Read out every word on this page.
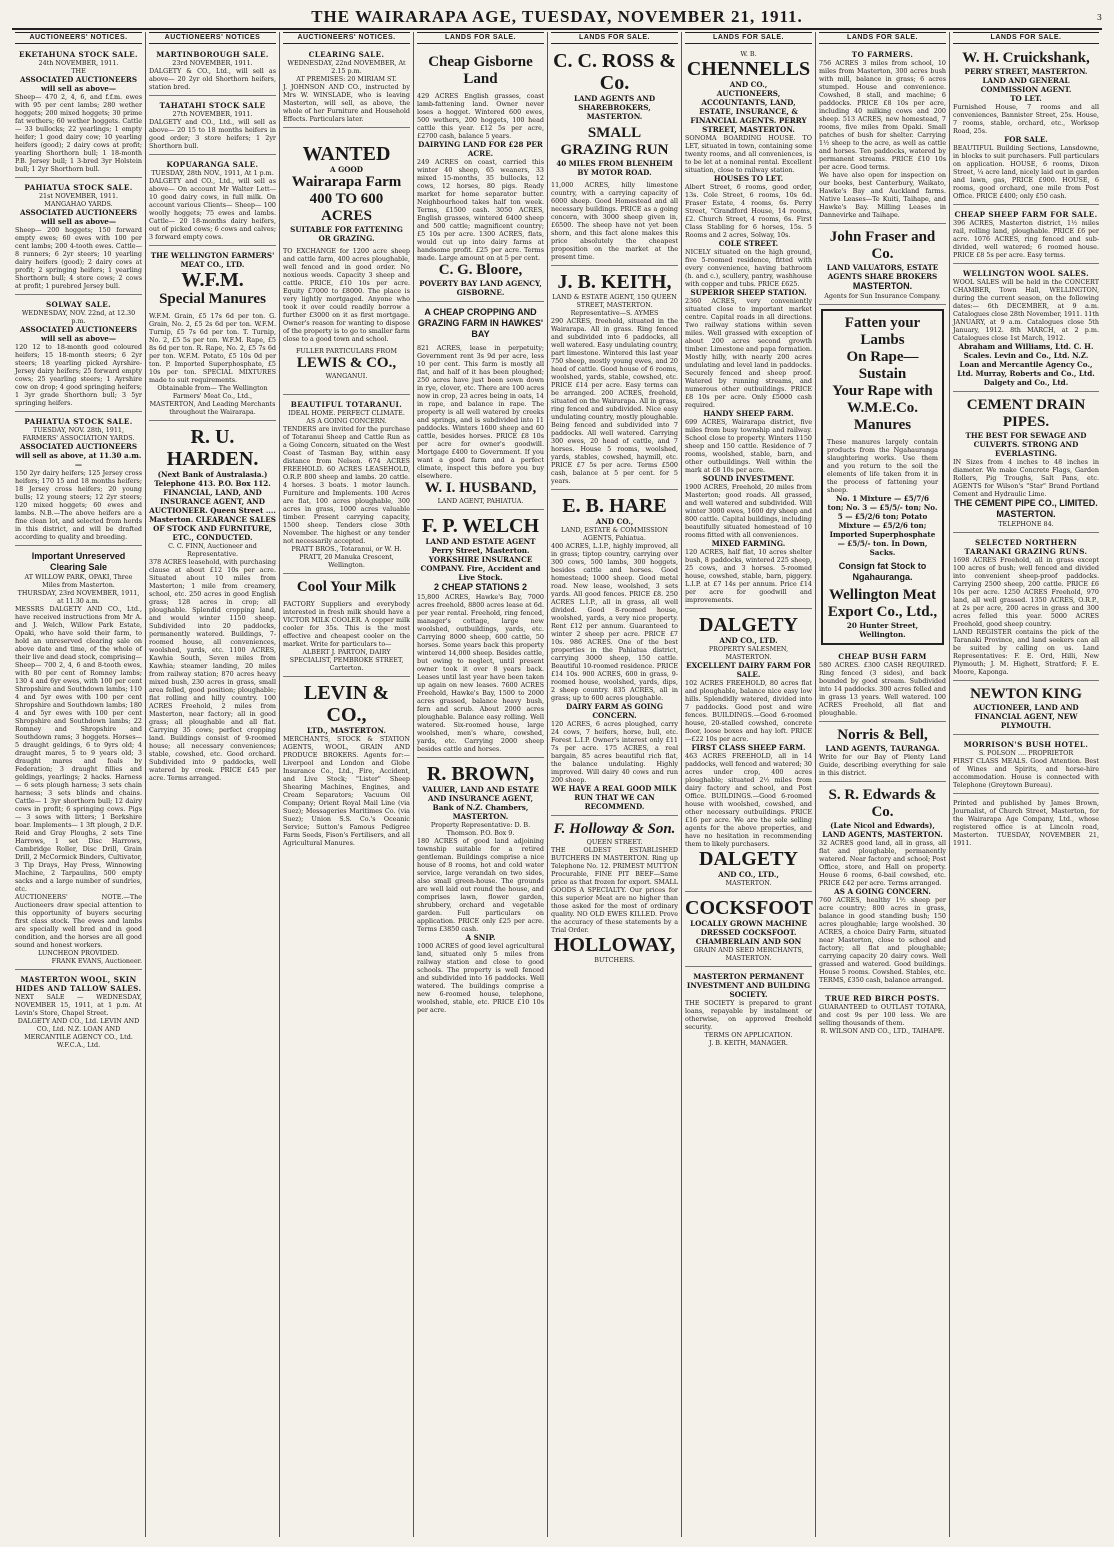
THE WAIRARAPA AGE, TUESDAY, NOVEMBER 21, 1911.	3
AUCTIONEERS' NOTICES.
EKETAHUNA STOCK SALE.
24th NOVEMBER, 1911.
THE
ASSOCIATED AUCTIONEERS will sell as above—
Sheep— 470 2, 4, 6, and f.f.m. ewes with 95 per cent lambs; 280 wether hoggets; 200 mixed hoggets; 30 prime fat wethers; 60 wether hoggets. Cattle— 33 bullocks; 22 yearlings; 1 empty heifer; 1 good dairy cow; 10 yearling heifers (good); 2 dairy cows at profit; yearling Shorthorn bull; 1 18-month P.B. Jersey bull; 1 3-bred 3yr Holstein bull; 1 2yr Shorthorn bull.
PAHIATUA STOCK SALE.
21st NOVEMBER, 1911.
MANGAHAO YARDS.
ASSOCIATED AUCTIONEERS will sell as above—
Sheep— 200 hoggets; 150 forward empty ewes; 60 ewes with 100 per cent lambs; 200 4-tooth ewes. Cattle— 8 runners; 6 2yr steers; 10 yearling dairy heifers (good); 2 dairy cows at profit; 2 springing heifers; 1 yearling Shorthorn bull; 4 store cows; 2 cows at profit; 1 purebred Jersey bull.
SOLWAY SALE.
WEDNESDAY, NOV. 22nd, at 12.30 p.m.
ASSOCIATED AUCTIONEERS will sell as above—
120 12 to 18-month good coloured heifers; 15 18-month steers; 6 2yr steers; 18 yearling picked Ayrshire-Jersey dairy heifers; 25 forward empty cows; 25 yearling steers; 1 Ayrshire cow on drop; 4 good springing heifers; 1 3yr grade Shorthorn bull; 3 5yr springing heifers.
PAHIATUA STOCK SALE.
TUESDAY, NOV. 28th, 1911,
FARMERS' ASSOCIATION YARDS.
ASSOCIATED AUCTIONEERS will sell as above, at 11.30 a.m.—
150 2yr dairy heifers; 125 Jersey cross heifers; 170 15 and 18 months heifers; 18 Jersey cross heifers; 20 young bulls; 12 young steers; 12 2yr steers; 120 mixed hoggets; 60 ewes and lambs. N.B.—The above heifers are a fine clean lot, and selected from herds in this district, and will be drafted according to quality and breeding.
Important Unreserved Clearing Sale
AT WILLOW PARK, OPAKI, Three Miles from Masterton.
THURSDAY, 23rd NOVEMBER, 1911, at 11.30 a.m.
MESSRS DALGETY AND CO., Ltd., have received instructions from Mr A. and J. Welch, Willow Park Estate, Opaki, who have sold their farm, to hold an unreserved clearing sale on above date and time, of the whole of their live and dead stock, comprising— Sheep— 700 2, 4, 6 and 8-tooth ewes, with 80 per cent of Romney lambs; 130 4 and 6yr ewes, with 100 per cent Shropshire and Southdown lambs; 110 4 and 5yr ewes with 100 per cent Shropshire and Southdown lambs; 180 4 and 5yr ewes with 100 per cent Shropshire and Southdown lambs; 22 Romney and Shropshire and Southdown rams; 3 hoggets. Horses— 5 draught geldings, 6 to 9yrs old; 4 draught mares, 5 to 9 years old; 3 draught mares and foals by Federation; 3 draught fillies and geldings, yearlings; 2 hacks. Harness— 6 sets plough harness; 3 sets chain harness; 3 sets blinds and chains. Cattle— 1 3yr shorthorn bull; 12 dairy cows in profit; 6 springing cows. Pigs— 3 sows with litters; 1 Berkshire boar. Implements— 1 3ft plough, 2 D.F. Reid and Gray Ploughs, 2 sets Tine Harrows, 1 set Disc Harrows, Cambridge Roller, Disc Drill, Grain Drill, 2 McCormick Binders, Cultivator, 3 Tip Drays, Hay Press, Winnowing Machine, 2 Tarpaulins, 500 empty sacks and a large number of sundries, etc.
AUCTIONEERS' NOTE.—The Auctioneers draw special attention to this opportunity of buyers securing first class stock. The ewes and lambs are specially well bred and in good condition, and the horses are all good sound and honest workers.
LUNCHEON PROVIDED.
FRANK EVANS, Auctioneer.
MASTERTON WOOL, SKIN HIDES AND TALLOW SALES.
NEXT SALE — WEDNESDAY, NOVEMBER 15, 1911, at 1 p.m. At Levin's Store, Chapel Street.
DALGETY AND CO., Ltd. LEVIN AND CO., Ltd. N.Z. LOAN AND MERCANTILE AGENCY CO., Ltd. W.F.C.A., Ltd.
AUCTIONEERS' NOTICES
MARTINBOROUGH SALE.
23rd NOVEMBER, 1911.
DALGETY & CO., Ltd., will sell as above— 20 2yr old Shorthorn heifers, station bred.
TAHATAHI STOCK SALE
27th NOVEMBER, 1911.
DALGETY and CO., Ltd., will sell as above— 20 15 to 18 months heifers in good order; 3 store heifers; 1 2yr Shorthorn bull.
KOPUARANGA SALE.
TUESDAY, 28th NOV., 1911, At 1 p.m.
DALGETY and CO., Ltd., will sell as above— On account Mr Walter Lett— 10 good dairy cows, in full milk. On account various Clients— Sheep— 100 woolly hoggets; 75 ewes and lambs. Cattle— 20 18-months dairy heifers, out of picked cows; 6 cows and calves; 3 forward empty cows.
THE WELLINGTON FARMERS' MEAT CO., LTD.
W.F.M.
Special Manures
W.F.M. Grain, £5 17s 6d per ton. G. Grain, No. 2, £5 2s 6d per ton. W.F.M. Turnip, £5 7s 6d per ton. T. Turnip, No. 2, £5 5s per ton. W.F.M. Rape, £5 8s 6d per ton. R. Rape, No. 2, £5 7s 6d per ton. W.F.M. Potato, £5 10s 0d per ton. P. Imported Superphosphate, £5 10s per ton. SPECIAL MIXTURES made to suit requirements.
Obtainable from— The Wellington Farmers' Meat Co., Ltd., MASTERTON, And Leading Merchants throughout the Wairarapa.
R. U. HARDEN.
(Next Bank of Australasia.) Telephone 413. P.O. Box 112. FINANCIAL, LAND, AND INSURANCE AGENT, AND AUCTIONEER. Queen Street .... Masterton. CLEARANCE SALES OF STOCK AND FURNITURE, ETC., CONDUCTED.
C. C. FINN, Auctioneer and Representative.
378 ACRES leasehold, with purchasing clause at about £12 10s per acre. Situated about 10 miles from Masterton; 1 mile from creamery, school, etc. 250 acres in good English grass; 128 acres in crop; all ploughable. Splendid cropping land, and would winter 1150 sheep. Subdivided into 20 paddocks, permanently watered. Buildings, 7-roomed house, all conveniences, woolshed, yards, etc. 1100 ACRES, Kawhia South, Seven miles from Kawhia; steamer landing, 20 miles from railway station; 870 acres heavy mixed bush, 230 acres in grass, small area felled, good position; ploughable; flat rolling and hilly country. 100 ACRES Freehold, 2 miles from Masterton, near factory; all in good grass; all ploughable and all flat. Carrying 35 cows; perfect cropping land. Buildings consist of 9-roomed house; all necessary conveniences; stable, cowshed, etc. Good orchard. Subdivided into 9 paddocks, well watered by creek. PRICE £45 per acre. Terms arranged.
AUCTIONEERS' NOTICES.
CLEARING SALE.
WEDNESDAY, 22nd NOVEMBER, At 2.15 p.m.
AT PREMISES: 20 MIRIAM ST.
J. JOHNSON AND CO., instructed by Mrs W. WINSLADE, who is leaving Masterton, will sell, as above, the whole of her Furniture and Household Effects. Particulars later.
WANTED
A GOOD
Wairarapa Farm
400 TO 600 ACRES
SUITABLE FOR FATTENING OR GRAZING.
TO EXCHANGE for 1200 acre sheep and cattle farm, 400 acres ploughable, well fenced and in good order. No noxious weeds. Capacity 3 sheep and cattle. PRICE, £10 10s per acre. Equity £7000 to £8000. The place is very lightly mortgaged. Anyone who took it over could readily borrow a further £3000 on it as first mortgage. Owner's reason for wanting to dispose of the property is to go to smaller farm close to a good town and school.
FULLER PARTICULARS FROM
LEWIS & CO.,
WANGANUI.
BEAUTIFUL TOTARANUI.
IDEAL HOME. PERFECT CLIMATE.
AS A GOING CONCERN.
TENDERS are invited for the purchase of Totaranui Sheep and Cattle Run as a Going Concern, situated on the West Coast of Tasman Bay, within easy distance from Nelson. 674 ACRES FREEHOLD. 60 ACRES LEASEHOLD, O.R.P. 800 sheep and lambs. 20 cattle. 4 horses. 3 boats. 1 motor launch. Furniture and Implements. 100 Acres are flat, 100 acres ploughable, 300 acres in grass, 1000 acres valuable timber. Present carrying capacity, 1500 sheep. Tenders close 30th November. The highest or any tender not necessarily accepted.
PRATT BROS., Totaranui, or W. H. PRATT, 20 Manuka Crescent, Wellington.
Cool Your Milk
FACTORY Suppliers and everybody interested in fresh milk should have a VICTOR MILK COOLER. A copper milk cooler for 35s. This is the most effective and cheapest cooler on the market. Write for particulars to—
ALBERT J. PARTON, DAIRY SPECIALIST, PEMBROKE STREET, Carterton.
LEVIN & CO.,
LTD., MASTERTON.
MERCHANTS, STOCK & STATION AGENTS, WOOL, GRAIN AND PRODUCE BROKERS. Agents for:—Liverpool and London and Globe Insurance Co., Ltd., Fire, Accident, and Live Stock; "Lister" Sheep Shearing Machines, Engines, and Cream Separators; Vacuum Oil Company; Orient Royal Mail Line (via Suez); Messageries Maritimes Co. (via Suez); Union S.S. Co.'s Oceanic Service; Sutton's Famous Pedigree Farm Seeds, Fison's Fertilisers, and all Agricultural Manures.
LANDS FOR SALE.
Cheap Gisborne Land
429 ACRES English grasses, coast lamb-fattening land. Owner never loses a hogget. Wintered 600 ewes, 500 wethers, 200 hoggets, 100 head cattle this year. £12 5s per acre, £2700 cash, balance 5 years.
DAIRYING LAND FOR £28 PER ACRE.
249 ACRES on coast, carried this winter 40 sheep, 65 weaners, 33 mixed 15-months, 35 bullocks, 12 cows, 12 horses, 80 pigs. Ready market for home separator butter. Neighbourhood takes half ton week. Terms, £1500 cash. 3050 ACRES, English grasses, wintered 6400 sheep and 500 cattle; magnificent country; £5 10s per acre. 1300 ACRES, flats, would cut up into dairy farms at handsome profit. £25 per acre. Terms made. Large amount on at 5 per cent.
C. G. Bloore,
POVERTY BAY LAND AGENCY, GISBORNE.
A CHEAP CROPPING AND GRAZING FARM IN HAWKES' BAY
821 ACRES, lease in perpetuity; Government rent 3s 9d per acre, less 10 per cent. This farm is mostly all flat, and half of it has been ploughed; 250 acres have just been sown down in rye, clover, etc. There are 100 acres now in crop, 23 acres being in oats, 14 in rape, and balance in rape. The property is all well watered by creeks and springs, and is subdivided into 11 paddocks. Winters 1600 sheep and 60 cattle, besides horses. PRICE £8 10s per acre for owner's goodwill. Mortgage £400 to Government. If you want a good farm and a perfect climate, inspect this before you buy elsewhere.
W. I. HUSBAND,
LAND AGENT, PAHIATUA.
F. P. WELCH
LAND AND ESTATE AGENT Perry Street, Masterton. YORKSHIRE INSURANCE COMPANY. Fire, Accident and Live Stock.
2 CHEAP STATIONS 2
15,800 ACRES, Hawke's Bay, 7000 acres freehold, 8800 acres lease at 6d. per year rental. Freehold, ring fenced, manager's cottage, large new woolshed, outbuildings, yards, etc. Carrying 8000 sheep, 600 cattle, 50 horses. Some years back this property wintered 14,000 sheep. Besides cattle, but owing to neglect, until present owner took it over 8 years back. Leases until last year have been taken up again on new leases. 7600 ACRES Freehold, Hawke's Bay, 1500 to 2000 acres grassed, balance heavy bush, fern and scrub. About 2000 acres ploughable. Balance easy rolling. Well watered. Six-roomed house, large woolshed, men's whare, cowshed, yards, etc. Carrying 2000 sheep besides cattle and horses.
R. BROWN,
VALUER, LAND AND ESTATE AND INSURANCE AGENT, Bank of N.Z. Chambers, MASTERTON.
Property Representative: D. B. Thomson. P.O. Box 9.
180 ACRES of good land adjoining township suitable for a retired gentleman. Buildings comprise a nice house of 8 rooms, hot and cold water service, large verandah on two sides, also small green-house. The grounds are well laid out round the house, and comprises lawn, flower garden, shrubbery, orchard and vegetable garden. Full particulars on application. PRICE only £25 per acre. Terms £3850 cash.
A SNIP.
1000 ACRES of good level agricultural land, situated only 5 miles from railway station and close to good schools. The property is well fenced and subdivided into 16 paddocks. Well watered. The buildings comprise a new 6-roomed house, telephone, woolshed, stable, etc. PRICE £10 10s per acre.
LANDS FOR SALE.
C. C. ROSS & Co.
LAND AGENTS AND SHAREBROKERS, MASTERTON.
SMALL GRAZING RUN
40 MILES FROM BLENHEIM BY MOTOR ROAD.
11,000 ACRES, hilly limestone country, with a carrying capacity of 6000 sheep. Good Homestead and all necessary buildings. PRICE as a going concern, with 3000 sheep given in, £6500. The sheep have not yet been shorn, and this fact alone makes this price absolutely the cheapest proposition on the market at the present time.
J. B. KEITH,
LAND & ESTATE AGENT, 150 QUEEN STREET, MASTERTON. Representative—S. AYMES
290 ACRES, freehold, situated in the Wairarapa. All in grass. Ring fenced and subdivided into 6 paddocks, all well watered. Easy undulating country, part limestone. Wintered this last year 750 sheep, mostly young ewes, and 20 head of cattle. Good house of 6 rooms, woolshed, yards, stable, cowshed, etc. PRICE £14 per acre. Easy terms can be arranged. 200 ACRES, freehold, situated on the Wairarapa. All in grass, ring fenced and subdivided. Nice easy undulating country, mostly ploughable. Being fenced and subdivided into 7 paddocks. All well watered. Carrying 300 ewes, 20 head of cattle, and 7 horses. House 5 rooms, woolshed, yards, stables, cowshed, haymill, etc. PRICE £7 5s per acre. Terms £500 cash, balance at 5 per cent. for 5 years.
E. B. HARE
AND CO.,
LAND, ESTATE & COMMISSION AGENTS, Pahiatua.
400 ACRES, L.I.P., highly improved, all in grass; tiptop country, carrying over 300 cows, 500 lambs, 300 hoggets, besides cattle and horses. Good homestead; 1000 sheep. Good metal road. New lease, woolshed, 3 sets yards. All good fences. PRICE £8. 250 ACRES L.I.P., all in grass, all well divided. Good 8-roomed house, woolshed, yards, a very nice property. Rent £12 per annum. Guaranteed to winter 2 sheep per acre. PRICE £7 10s. 986 ACRES. One of the best properties in the Pahiatua district, carrying 3000 sheep, 150 cattle. Beautiful 10-roomed residence. PRICE £14 10s. 900 ACRES, 600 in grass, 9-roomed house, woolshed, yards, dips, 2 sheep country. 835 ACRES, all in grass; up to 600 acres ploughable.
DAIRY FARM AS GOING CONCERN.
120 ACRES, 6 acres ploughed, carry 24 cows, 7 heifers, horse, bull, etc. Forest L.I.P. Owner's interest only £11 7s per acre. 175 ACRES, a real bargain, 85 acres beautiful rich flat, the balance undulating. Highly improved. Will dairy 40 cows and run 200 sheep.
WE HAVE A REAL GOOD MILK RUN THAT WE CAN RECOMMEND.
F. Holloway & Son.
QUEEN STREET.
THE OLDEST ESTABLISHED BUTCHERS IN MASTERTON. Ring up Telephone No. 12. PRIMEST MUTTON Procurable, FINE PIT BEEF—Same price as that frozen for export. SMALL GOODS A SPECIALTY. Our prices for this superior Meat are no higher than those asked for the most of ordinary quality. NO OLD EWES KILLED. Prove the accuracy of these statements by a Trial Order.
HOLLOWAY,
BUTCHERS.
LANDS FOR SALE.
W. B.
CHENNELLS
AND CO.,
AUCTIONEERS, ACCOUNTANTS, LAND, ESTATE, INSURANCE, & FINANCIAL AGENTS. PERRY STREET, MASTERTON.
SONOMA BOARDING HOUSE. TO LET, situated in town, containing some twenty rooms, and all conveniences, is to be let at a nominal rental. Excellent situation, close to railway station.
HOUSES TO LET.
Albert Street, 6 rooms, good order, 13s. Cole Street, 6 rooms, 10s 6d. Fraser Estate, 4 rooms, 6s. Perry Street, "Grandford House, 14 rooms, £2. Church Street, 4 rooms, 6s. First Class Stabling for 6 horses, 15s. 5 Rooms and 2 acres, Solway, 10s.
COLE STREET.
NICELY situated on the high ground, five 5-roomed residence, fitted with every convenience, having bathroom (h. and c.), scullery, pantry, washhouse with copper and tubs. PRICE £625.
SUPERIOR SHEEP STATION.
2360 ACRES, very conveniently situated close to important market centre. Capital roads in all directions. Two railway stations within seven miles. Well grassed with exception of about 200 acres second growth timber. Limestone and papa formation. Mostly hilly, with nearly 200 acres undulating and level land in paddocks. Securely fenced and sheep proof. Watered by running streams, and numerous other outbuildings. PRICE £8 10s per acre. Only £5000 cash required.
HANDY SHEEP FARM.
699 ACRES, Wairarapa district, five miles from busy township and railway. School close to property. Winters 1150 sheep and 150 cattle. Residence of 7 rooms, woolshed, stable, barn, and other outbuildings. Well within the mark at £8 10s per acre.
SOUND INVESTMENT.
1900 ACRES, Freehold, 20 miles from Masterton; good roads. All grassed, and well watered and subdivided. Will winter 3000 ewes, 1600 dry sheep and 800 cattle. Capital buildings, including beautifully situated homestead of 10 rooms fitted with all conveniences.
MIXED FARMING.
120 ACRES, half flat, 10 acres shelter bush, 8 paddocks, wintered 225 sheep, 25 cows, and 3 horses. 5-roomed house, cowshed, stable, barn, piggery. L.I.P. at £7 14s per annum. Price £14 per acre for goodwill and improvements.
DALGETY
AND CO., LTD.
PROPERTY SALESMEN, MASTERTON.
EXCELLENT DAIRY FARM FOR SALE.
102 ACRES FREEHOLD, 80 acres flat and ploughable, balance nice easy low hills. Splendidly watered, divided into 7 paddocks. Good post and wire fences. BUILDINGS.—Good 6-roomed house, 20-stalled cowshed, concrete floor, loose boxes and hay loft. PRICE—£22 10s per acre.
FIRST CLASS SHEEP FARM.
463 ACRES FREEHOLD, all in 14 paddocks, well fenced and watered; 30 acres under crop, 400 acres ploughable; situated 2½ miles from dairy factory and school, and Post Office. BUILDINGS.—Good 6-roomed house with woolshed, cowshed, and other necessary outbuildings. PRICE £16 per acre. We are the sole selling agents for the above properties, and have no hesitation in recommending them to likely purchasers.
DALGETY
AND CO., LTD.,
MASTERTON.
COCKSFOOT
LOCALLY GROWN MACHINE DRESSED COCKSFOOT.
CHAMBERLAIN AND SON
GRAIN AND SEED MERCHANTS, MASTERTON.
MASTERTON PERMANENT INVESTMENT AND BUILDING SOCIETY.
THE SOCIETY is prepared to grant loans, repayable by instalment or otherwise, on approved freehold security.
TERMS ON APPLICATION.
J. B. KEITH, MANAGER.
LANDS FOR SALE.
TO FARMERS.
756 ACRES 3 miles from school, 10 miles from Masterton, 300 acres bush with mill, balance in grass; 6 acres stumped. House and convenience. Cowshed, 8 stall, and machine; 6 paddocks. PRICE £8 10s per acre, including 40 milking cows and 200 sheep. 513 ACRES, new homestead, 7 rooms, five miles from Opaki. Small patches of bush for shelter. Carrying 1½ sheep to the acre, as well as cattle and horses. Ten paddocks, watered by permanent streams. PRICE £10 10s per acre. Good terms.
We have also open for inspection on our books, best Canterbury, Waikato, Hawke's Bay and Auckland farms. Native Leases—Te Kuiti, Taihape, and Hawke's Bay. Milling Leases in Dannevirke and Taihape.
John Fraser and Co.
LAND VALUATORS, ESTATE AGENTS SHARE BROKERS
MASTERTON.
Agents for Sun Insurance Company.
Fatten your Lambs
On Rape—Sustain
Your Rape with
W.M.E.Co. Manures
These manures largely contain products from the Ngahauranga slaughtering works. Use them and you return to the soil the elements of life taken from it in the process of fattening your sheep.
No. 1 Mixture — £5/7/6 ton; No. 3 — £5/5/- ton; No. 5 — £5/2/6 ton; Potato Mixture — £5/2/6 ton; Imported Superphosphate — £5/5/- ton. In Down, Sacks.
Consign fat Stock to Ngahauranga.
Wellington Meat Export Co., Ltd.,
20 Hunter Street, Wellington.
CHEAP BUSH FARM
580 ACRES. £300 CASH REQUIRED. Ring fenced (3 sides), and back bounded by good stream. Subdivided into 14 paddocks. 300 acres felled and in grass 13 years. Well watered. 100 ACRES Freehold, all flat and ploughable.
Norris & Bell,
LAND AGENTS, TAURANGA.
Write for our Bay of Plenty Land Guide, describing everything for sale in this district.
S. R. Edwards & Co.
(Late Nicol and Edwards), LAND AGENTS, MASTERTON.
32 ACRES good land, all in grass, all flat and ploughable, permanently watered. Near factory and school; Post Office, store, and Hall on property. House 6 rooms, 6-bail cowshed, etc. PRICE £42 per acre. Terms arranged.
AS A GOING CONCERN.
760 ACRES, healthy 1½ sheep per acre country; 800 acres in grass, balance in good standing bush; 150 acres ploughable; large woolshed. 30 ACRES, a choice Dairy Farm, situated near Masterton, close to school and factory; all flat and ploughable; carrying capacity 20 dairy cows. Well grassed and watered. Good buildings. House 5 rooms. Cowshed. Stables, etc. TERMS, £350 cash, balance arranged.
TRUE RED BIRCH POSTS.
GUARANTEED to OUTLAST TOTARA, and cost 9s per 100 less. We are selling thousands of them.
R. WILSON AND CO., LTD., TAIHAPE.
LANDS FOR SALE.
W. H. Cruickshank,
PERRY STREET, MASTERTON. LAND AND GENERAL COMMISSION AGENT.
TO LET.
Furnished House, 7 rooms and all conveniences, Bannister Street, 25s. House, 7 rooms, stable, orchard, etc., Worksop Road, 25s.
FOR SALE.
BEAUTIFUL Building Sections, Lansdowne, in blocks to suit purchasers. Full particulars on application. HOUSE, 6 rooms, Dixon Street, ¼ acre land, nicely laid out in garden and lawn, gas, PRICE £900. HOUSE, 6 rooms, good orchard, one mile from Post Office. PRICE £400; only £50 cash.
CHEAP SHEEP FARM FOR SALE.
396 ACRES, Masterton district, 1½ miles rail, rolling land, ploughable. PRICE £6 per acre. 1076 ACRES, ring fenced and sub-divided, well watered; 6 roomed house. PRICE £8 5s per acre. Easy terms.
WELLINGTON WOOL SALES.
WOOL SALES will be held in the CONCERT CHAMBER, Town Hall, WELLINGTON, during the current season, on the following dates:— 6th DECEMBER, at 9 a.m. Catalogues close 28th November, 1911. 11th JANUARY, at 9 a.m. Catalogues close 5th January, 1912. 8th MARCH, at 2 p.m. Catalogues close 1st March, 1912.
Abraham and Williams, Ltd. C. H. Scales. Levin and Co., Ltd. N.Z. Loan and Mercantile Agency Co., Ltd. Murray, Roberts and Co., Ltd. Dalgety and Co., Ltd.
CEMENT DRAIN PIPES.
THE BEST FOR SEWAGE AND CULVERTS. STRONG AND EVERLASTING.
IN Sizes from 4 inches to 48 inches in diameter. We make Concrete Flags, Garden Rollers, Pig Troughs, Salt Pans, etc. AGENTS for Wilson's "Star" Brand Portland Cement and Hydraulic Lime.
THE CEMENT PIPE CO., LIMITED. MASTERTON.
TELEPHONE 84.
SELECTED NORTHERN TARANAKI GRAZING RUNS.
1698 ACRES Freehold, all in grass except 100 acres of bush; well fenced and divided into convenient sheep-proof paddocks. Carrying 2500 sheep, 200 cattle. PRICE £6 10s per acre. 1250 ACRES Freehold, 970 land, all well grassed. 1350 ACRES, O.R.P., at 2s per acre, 200 acres in grass and 300 acres felled this year. 5000 ACRES Freehold, good sheep country.
LAND REGISTER contains the pick of the Taranaki Province, and land seekers can all be suited by calling on us. Land Representatives: F. E. Ord, Hilli, New Plymouth; J. M. Highett, Stratford; F. E. Moore, Kaponga.
NEWTON KING
AUCTIONEER, LAND AND FINANCIAL AGENT, NEW PLYMOUTH.
MORRISON'S BUSH HOTEL.
S. POLSON .... PROPRIETOR
FIRST CLASS MEALS. Good Attention. Best of Wines and Spirits, and horse-hire accommodation. House is connected with Telephone (Greytown Bureau).
Printed and published by James Brown, Journalist, of Church Street, Masterton, for the Wairarapa Age Company, Ltd., whose registered office is at Lincoln road, Masterton. TUESDAY, NOVEMBER 21, 1911.
